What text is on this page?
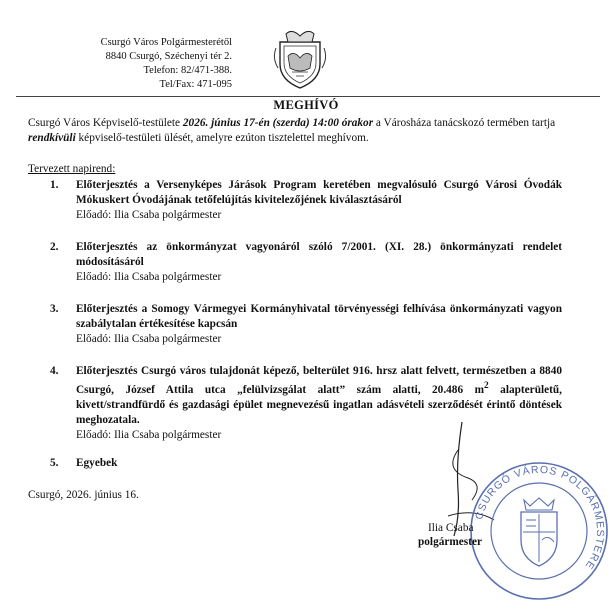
Csurgó Város Polgármesterétől
8840 Csurgó, Széchenyi tér 2.
Telefon: 82/471-388.
Tel/Fax: 471-095
MEGHÍVÓ
Csurgó Város Képviselő-testülete 2026. június 17-én (szerda) 14:00 órakor a Városháza tanácskozó termében tartja rendkívüli képviselő-testületi ülését, amelyre ezúton tisztelettel meghívom.
Tervezett napirend:
1. Előterjesztés a Versenyképes Járások Program keretében megvalósuló Csurgó Városi Óvodák Mókuskert Óvodájának tetőfelújítás kivitelezőjének kiválasztásáról
Előadó: Ilia Csaba polgármester
2. Előterjesztés az önkormányzat vagyonáról szóló 7/2001. (XI. 28.) önkormányzati rendelet módosításáról
Előadó: Ilia Csaba polgármester
3. Előterjesztés a Somogy Vármegyei Kormányhivatal törvényességi felhívása önkormányzati vagyon szabálytalan értékesítése kapcsán
Előadó: Ilia Csaba polgármester
4. Előterjesztés Csurgó város tulajdonát képező, belterület 916. hrsz alatt felvett, természetben a 8840 Csurgó, József Attila utca „felülvizsgálat alatt” szám alatti, 20.486 $m^2$ alapterületű, kivett/strandfürdő és gazdasági épület megnevezésű ingatlan adásvételi szerződését érintő döntések meghozatala.
Előadó: Ilia Csaba polgármester
5. Egyebek
Csurgó, 2026. június 16.
CSURGÓ VÁROS POLGÁRMESTERE
Ilia Csaba
polgármester
